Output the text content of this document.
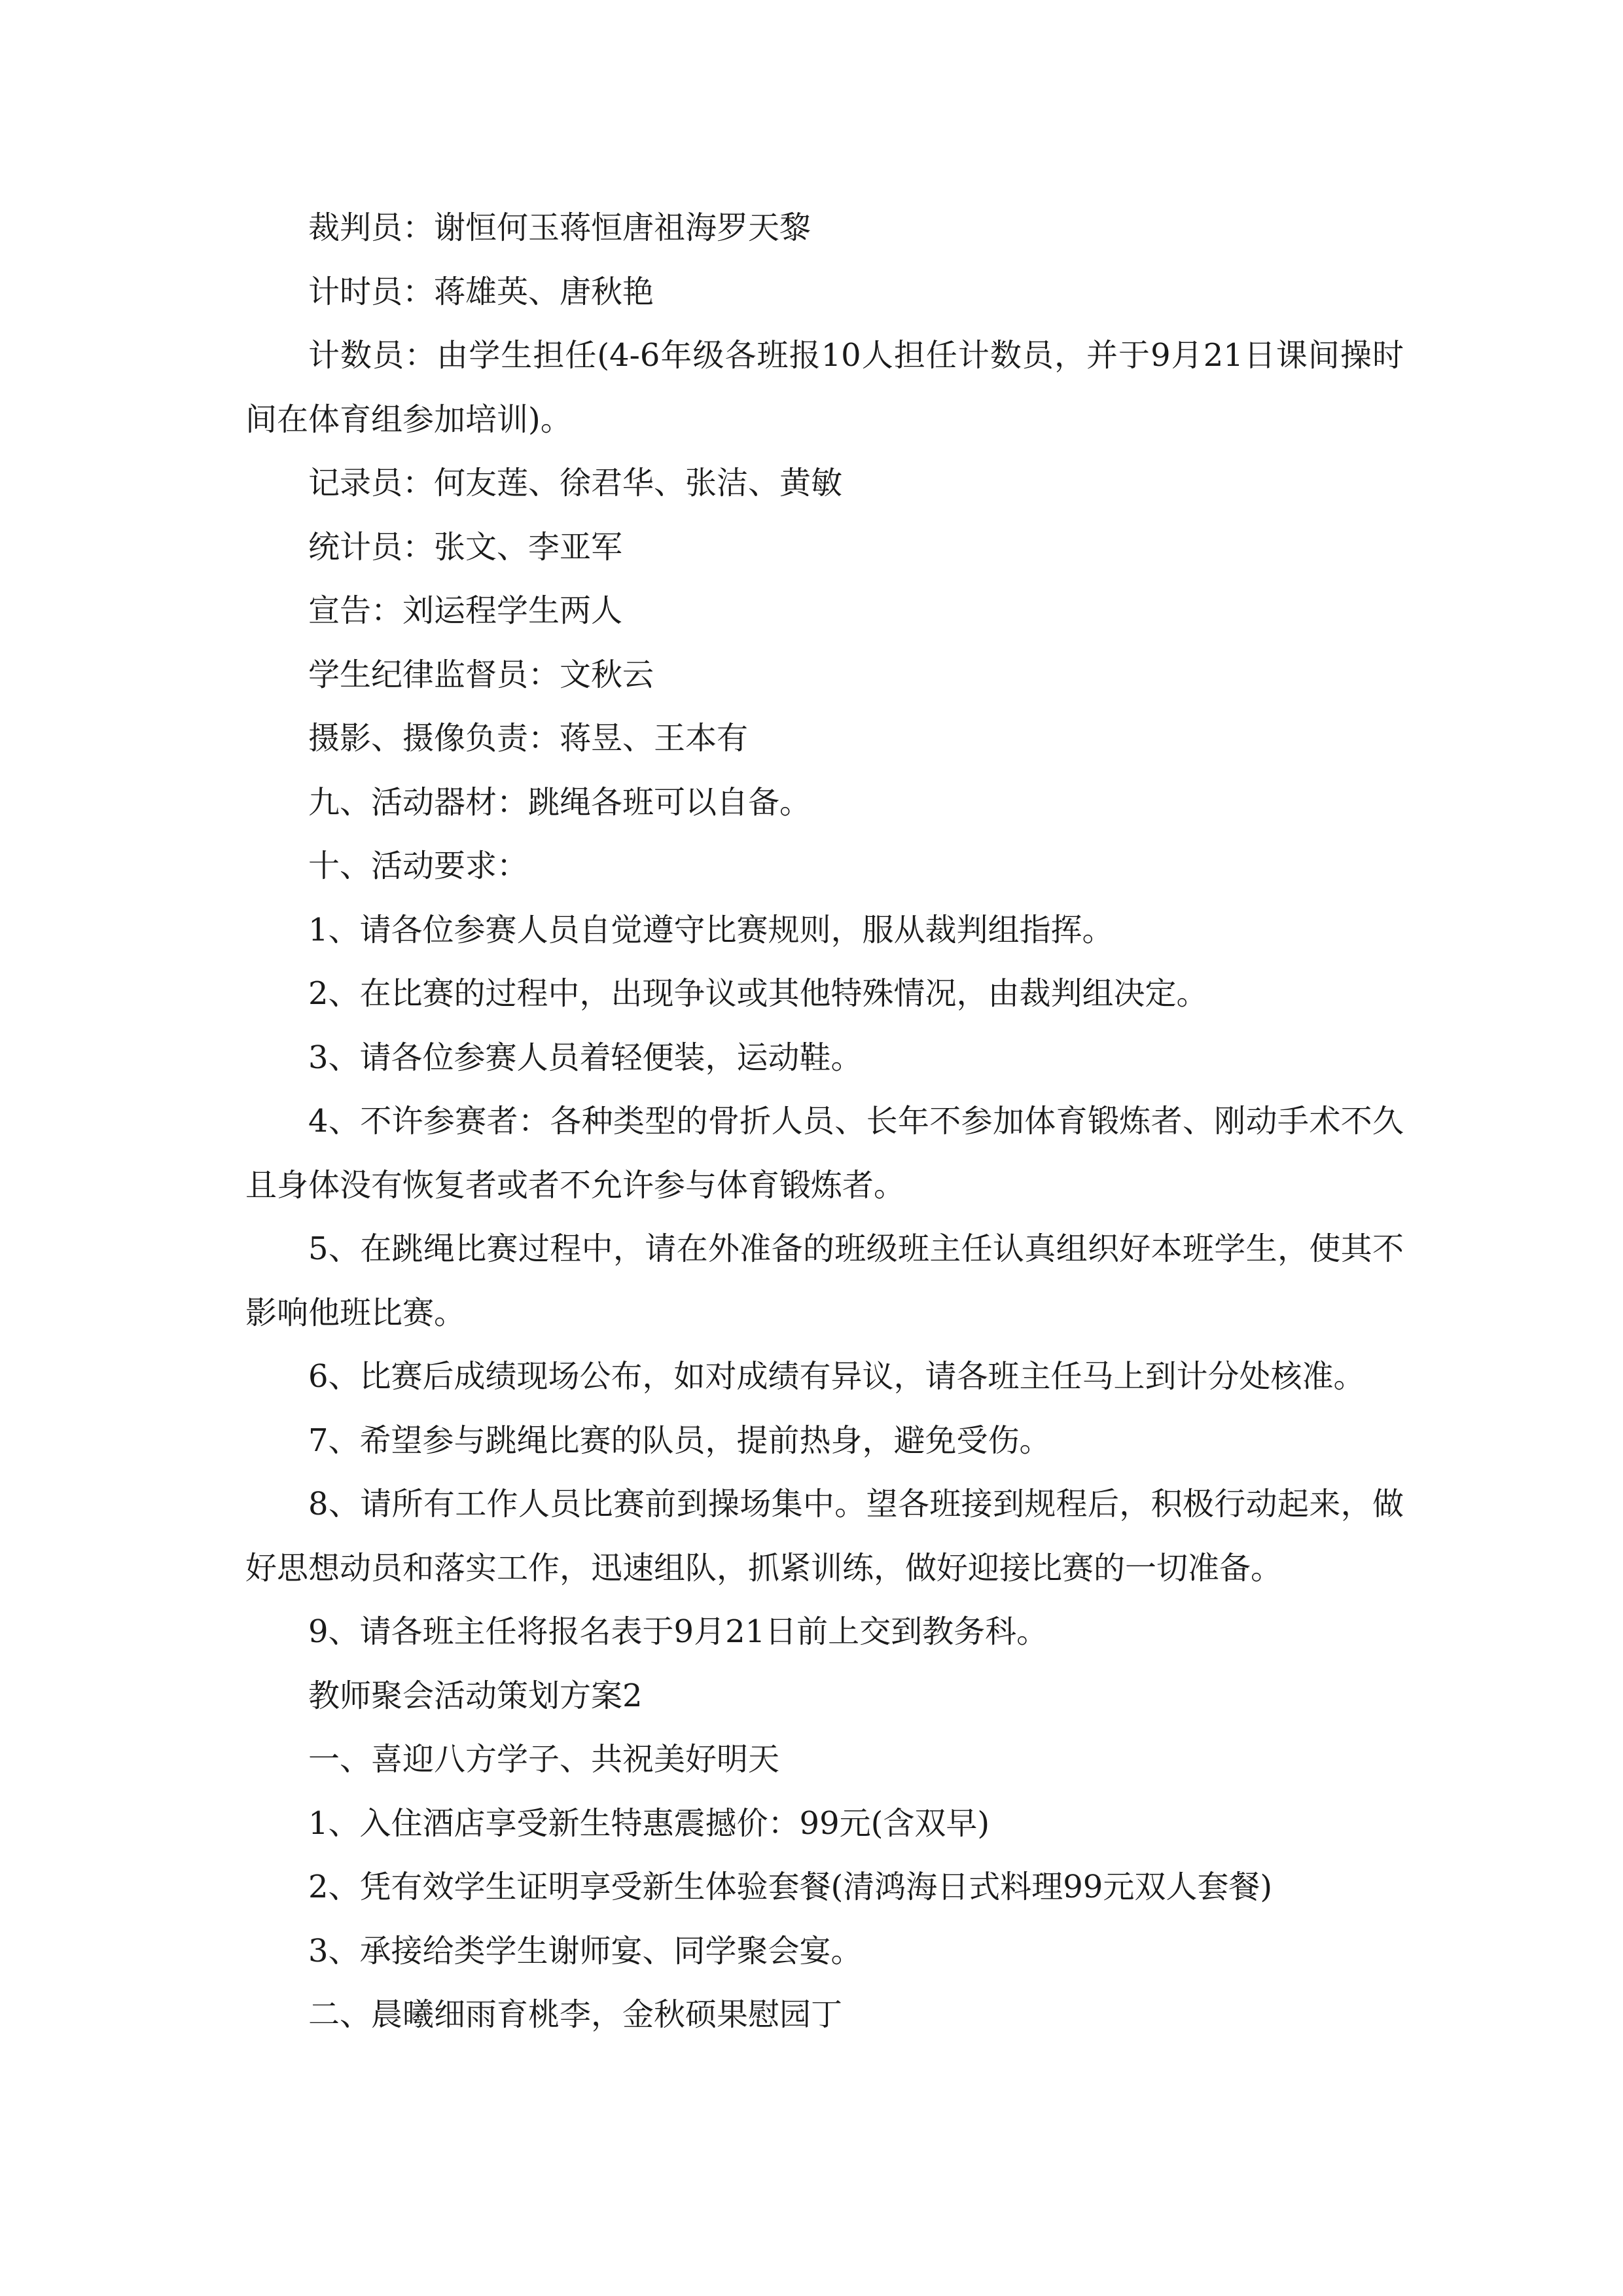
裁判员：谢恒何玉蒋恒唐祖海罗天黎

计时员：蒋雄英、唐秋艳

计数员：由学生担任(4-6年级各班报10人担任计数员，并于9月21日课间操时间在体育组参加培训)。

记录员：何友莲、徐君华、张洁、黄敏

统计员：张文、李亚军

宣告：刘运程学生两人

学生纪律监督员：文秋云

摄影、摄像负责：蒋昱、王本有

九、活动器材：跳绳各班可以自备。

十、活动要求：

1、请各位参赛人员自觉遵守比赛规则，服从裁判组指挥。

2、在比赛的过程中，出现争议或其他特殊情况，由裁判组决定。

3、请各位参赛人员着轻便装，运动鞋。

4、不许参赛者：各种类型的骨折人员、长年不参加体育锻炼者、刚动手术不久且身体没有恢复者或者不允许参与体育锻炼者。

5、在跳绳比赛过程中，请在外准备的班级班主任认真组织好本班学生，使其不影响他班比赛。

6、比赛后成绩现场公布，如对成绩有异议，请各班主任马上到计分处核准。

7、希望参与跳绳比赛的队员，提前热身，避免受伤。

8、请所有工作人员比赛前到操场集中。望各班接到规程后，积极行动起来，做好思想动员和落实工作，迅速组队，抓紧训练，做好迎接比赛的一切准备。

9、请各班主任将报名表于9月21日前上交到教务科。

教师聚会活动策划方案2

一、喜迎八方学子、共祝美好明天

1、入住酒店享受新生特惠震撼价：99元(含双早)

2、凭有效学生证明享受新生体验套餐(清鸿海日式料理99元双人套餐)

3、承接给类学生谢师宴、同学聚会宴。

二、晨曦细雨育桃李，金秋硕果慰园丁
